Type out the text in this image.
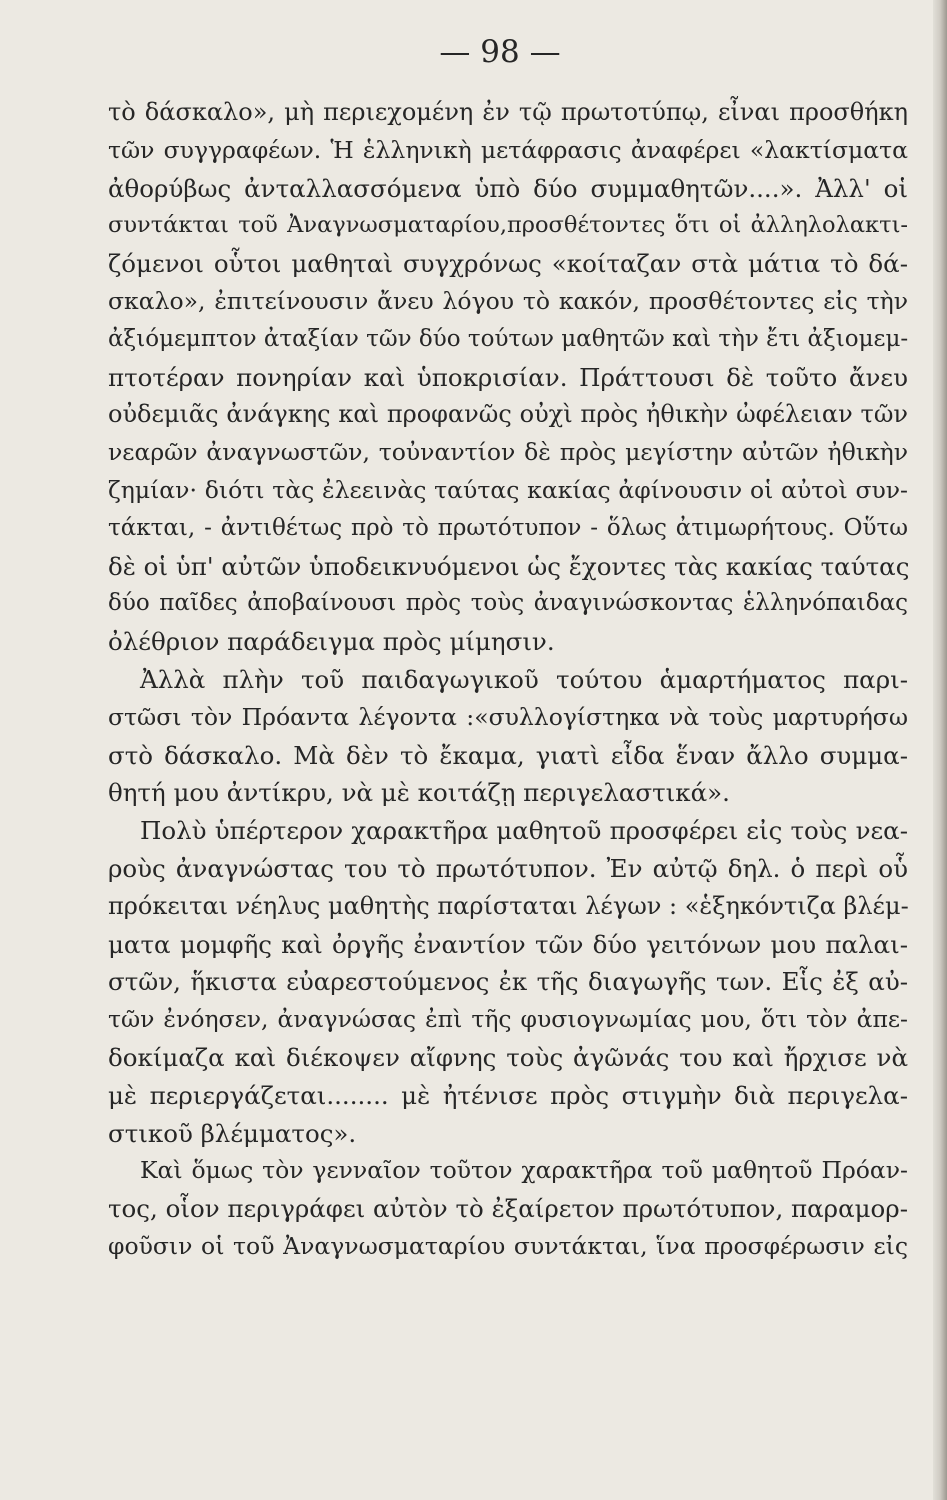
— 98 —
τὸ δάσκαλο», μὴ περιεχομένη ἐν τῷ πρωτοτύπῳ, εἶναι προσθήκη
τῶν συγγραφέων. Ἡ ἑλληνικὴ μετάφρασις ἀναφέρει «λακτίσματα
ἀθορύβως ἀνταλλασσόμενα ὑπὸ δύο συμμαθητῶν....». Ἀλλ' οἱ
συντάκται τοῦ Ἀναγνωσματαρίου,προσθέτοντες ὅτι οἱ ἀλληλολακτι-
ζόμενοι οὗτοι μαθηταὶ συγχρόνως «κοίταζαν στὰ μάτια τὸ δά-
σκαλο», ἐπιτείνουσιν ἄνευ λόγου τὸ κακόν, προσθέτοντες εἰς τὴν
ἀξιόμεμπτον ἀταξίαν τῶν δύο τούτων μαθητῶν καὶ τὴν ἔτι ἀξιομεμ-
πτοτέραν πονηρίαν καὶ ὑποκρισίαν. Πράττουσι δὲ τοῦτο ἄνευ
οὐδεμιᾶς ἀνάγκης καὶ προφανῶς οὐχὶ πρὸς ἠθικὴν ὠφέλειαν τῶν
νεαρῶν ἀναγνωστῶν, τοὐναντίον δὲ πρὸς μεγίστην αὐτῶν ἠθικὴν
ζημίαν· διότι τὰς ἐλεεινὰς ταύτας κακίας ἀφίνουσιν οἱ αὐτοὶ συν-
τάκται, - ἀντιθέτως πρὸ τὸ πρωτότυπον - ὅλως ἀτιμωρήτους. Οὕτω
δὲ οἱ ὑπ' αὐτῶν ὑποδεικνυόμενοι ὡς ἔχοντες τὰς κακίας ταύτας
δύο παῖδες ἀποβαίνουσι πρὸς τοὺς ἀναγινώσκοντας ἑλληνόπαιδας
ὀλέθριον παράδειγμα πρὸς μίμησιν.
Ἀλλὰ πλὴν τοῦ παιδαγωγικοῦ τούτου ἁμαρτήματος παρι-
στῶσι τὸν Πρόαντα λέγοντα :«συλλογίστηκα νὰ τοὺς μαρτυρήσω
στὸ δάσκαλο. Μὰ δὲν τὸ ἔκαμα, γιατὶ εἶδα ἕναν ἄλλο συμμα-
θητή μου ἀντίκρυ, νὰ μὲ κοιτάζῃ περιγελαστικά».
Πολὺ ὑπέρτερον χαρακτῆρα μαθητοῦ προσφέρει εἰς τοὺς νεα-
ροὺς ἀναγνώστας του τὸ πρωτότυπον. Ἐν αὐτῷ δηλ. ὁ περὶ οὗ
πρόκειται νέηλυς μαθητὴς παρίσταται λέγων : «ἑξηκόντιζα βλέμ-
ματα μομφῆς καὶ ὀργῆς ἐναντίον τῶν δύο γειτόνων μου παλαι-
στῶν, ἥκιστα εὐαρεστούμενος ἐκ τῆς διαγωγῆς των. Εἷς ἐξ αὐ-
τῶν ἐνόησεν, ἀναγνώσας ἐπὶ τῆς φυσιογνωμίας μου, ὅτι τὸν ἀπε-
δοκίμαζα καὶ διέκοψεν αἴφνης τοὺς ἀγῶνάς του καὶ ἤρχισε νὰ
μὲ περιεργάζεται........ μὲ ἠτένισε πρὸς στιγμὴν διὰ περιγελα-
στικοῦ βλέμματος».
Καὶ ὅμως τὸν γενναῖον τοῦτον χαρακτῆρα τοῦ μαθητοῦ Πρόαν-
τος, οἷον περιγράφει αὐτὸν τὸ ἐξαίρετον πρωτότυπον, παραμορ-
φοῦσιν οἱ τοῦ Ἀναγνωσματαρίου συντάκται, ἵνα προσφέρωσιν εἰς
